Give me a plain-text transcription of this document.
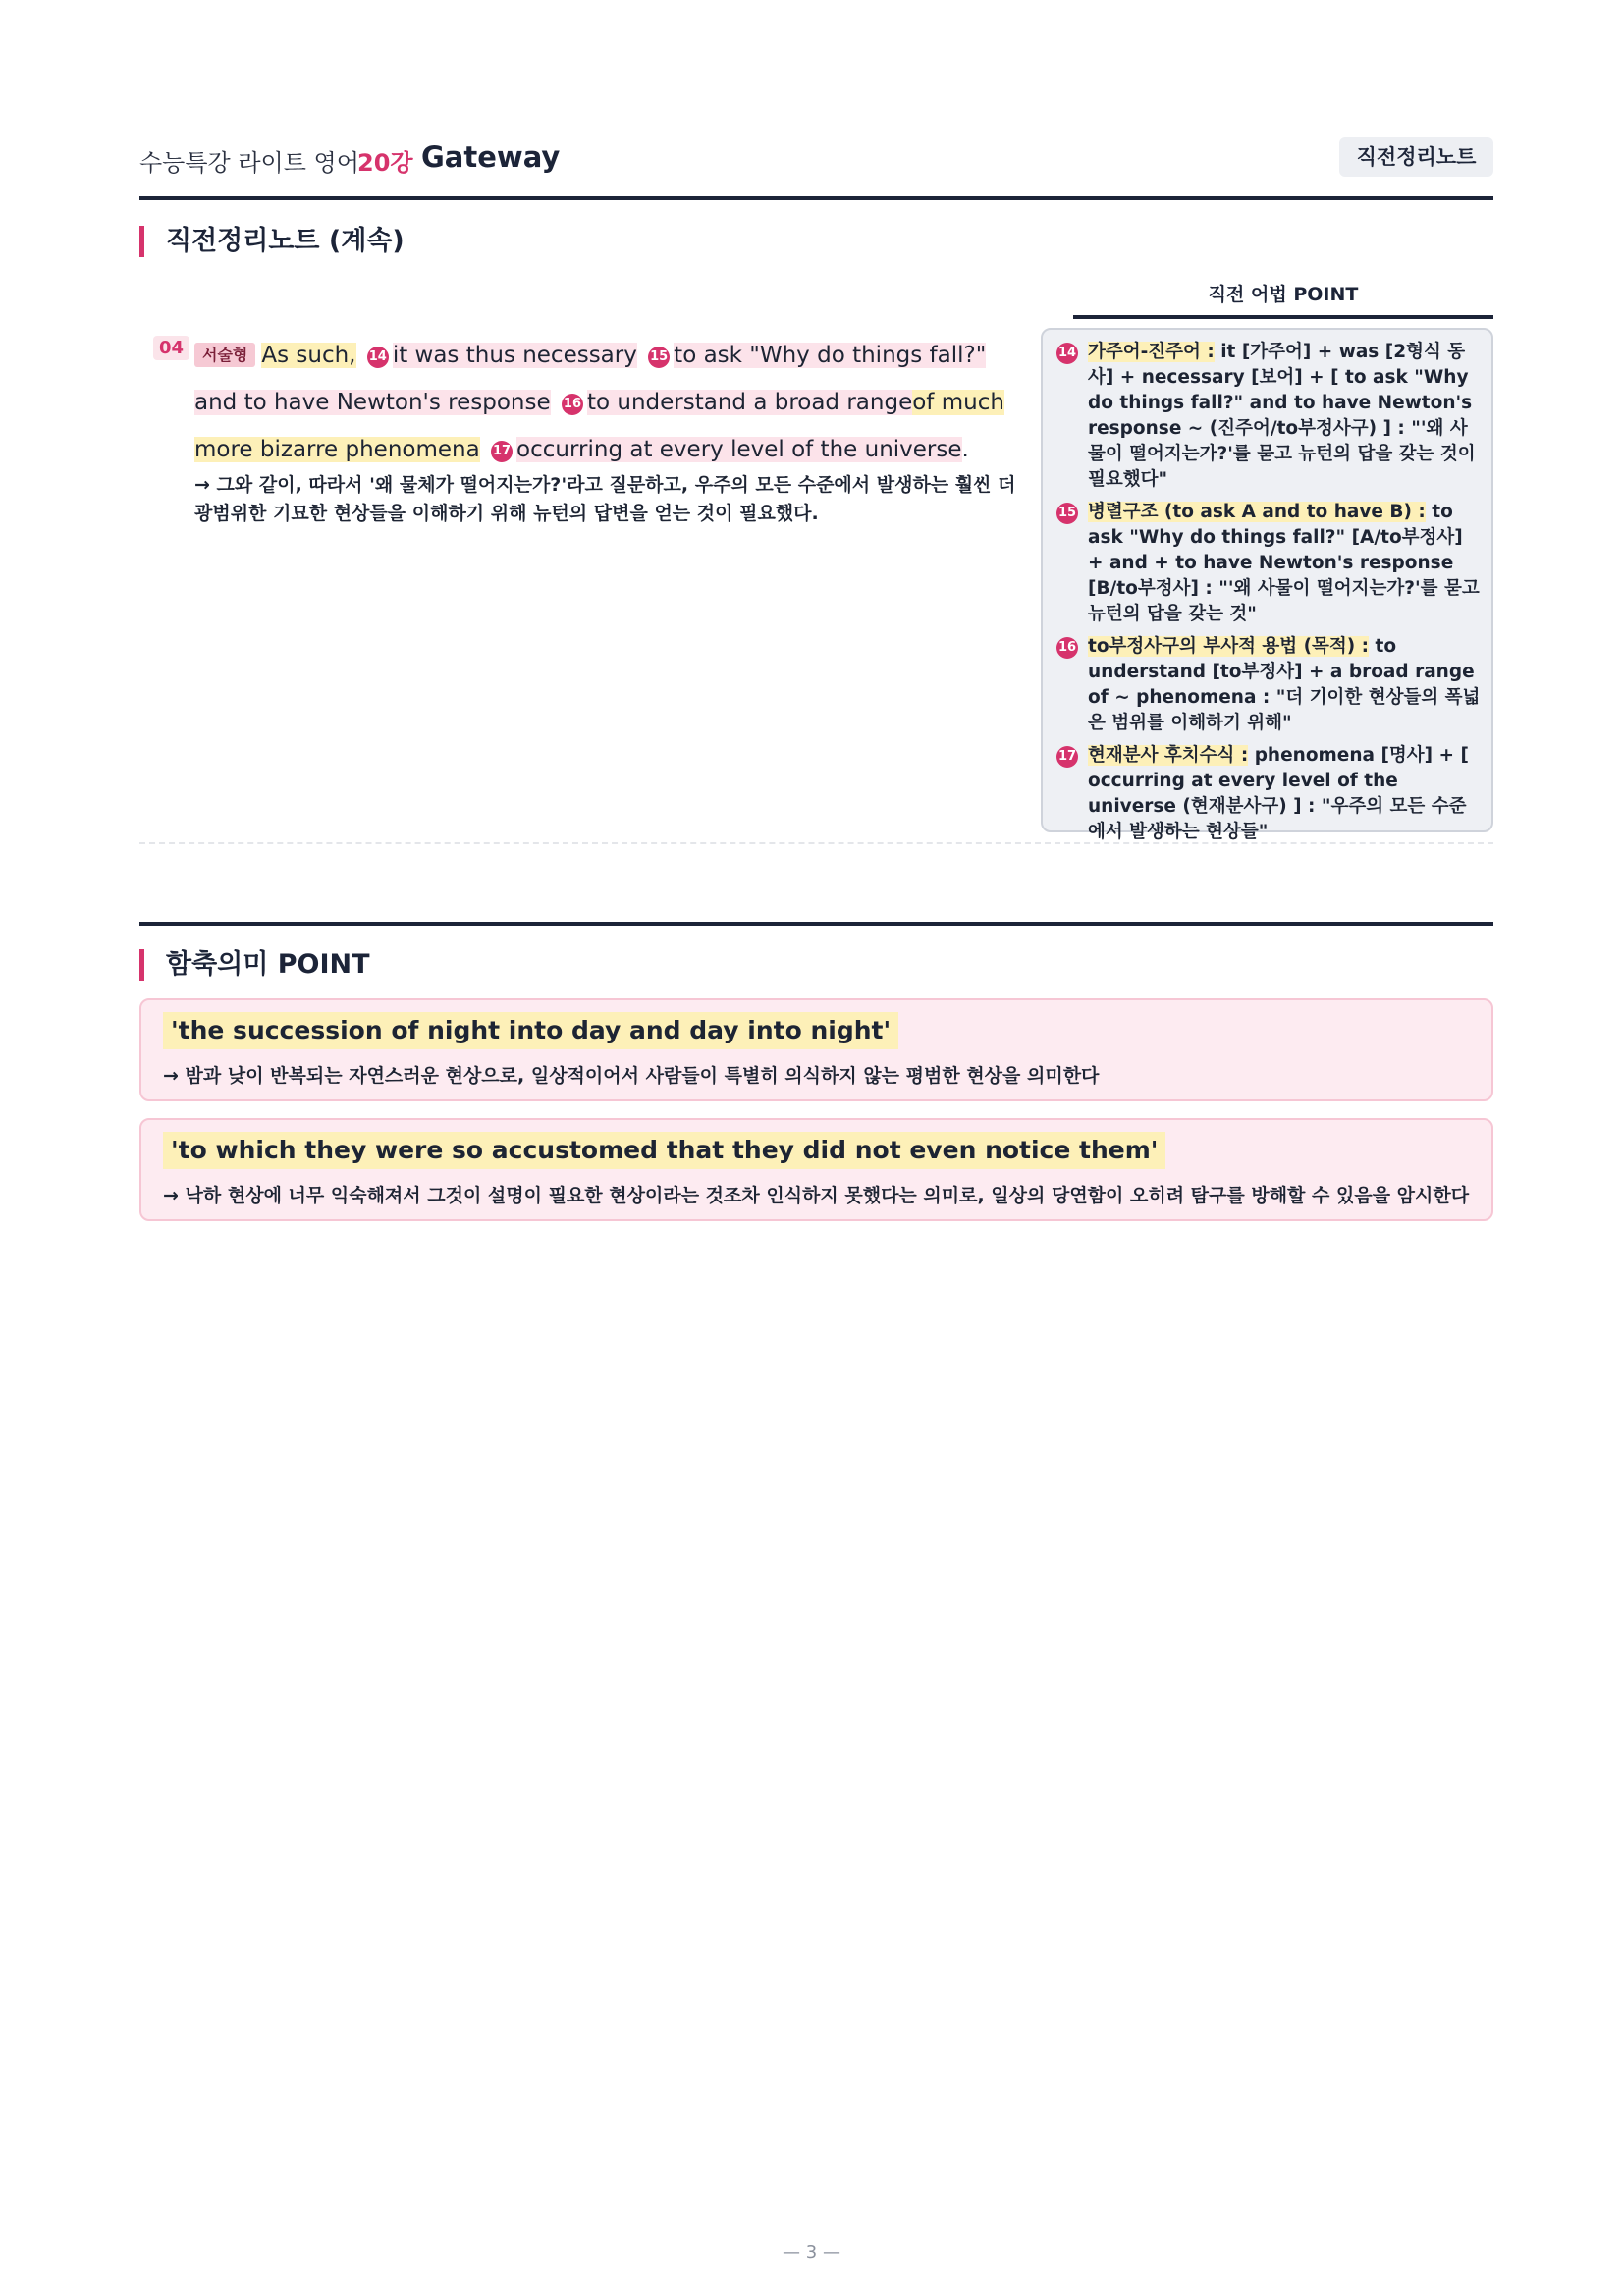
수능특강 라이트 영어
20강 Gateway	직전정리노트
직전정리노트 (계속)
직전 어법 POINT
04	서술형 As such, 14 it was thus necessary 15 to ask "Why do things fall?" and to have Newton's response 16 to understand a broad rangeof much more bizarre phenomena 17 occurring at every level of the universe.
→ 그와 같이, 따라서 '왜 물체가 떨어지는가?'라고 질문하고, 우주의 모든 수준에서 발생하는 훨씬 더 광범위한 기묘한 현상들을 이해하기 위해 뉴턴의 답변을 얻는 것이 필요했다.
14 가주어-진주어 : it [가주어] + was [2형식 동사] + necessary [보어] + [ to ask "Why do things fall?" and to have Newton's response ~ (진주어/to부정사구) ] : "'왜 사물이 떨어지는가?'를 묻고 뉴턴의 답을 갖는 것이 필요했다"
15 병렬구조 (to ask A and to have B) : to ask "Why do things fall?" [A/to부정사] + and + to have Newton's response [B/to부정사] : "'왜 사물이 떨어지는가?'를 묻고 뉴턴의 답을 갖는 것"
16 to부정사구의 부사적 용법 (목적) : to understand [to부정사] + a broad range of ~ phenomena : "더 기이한 현상들의 폭넓은 범위를 이해하기 위해"
17 현재분사 후치수식 : phenomena [명사] + [ occurring at every level of the universe (현재분사구) ] : "우주의 모든 수준에서 발생하는 현상들"
함축의미 POINT
'the succession of night into day and day into night'
→ 밤과 낮이 반복되는 자연스러운 현상으로, 일상적이어서 사람들이 특별히 의식하지 않는 평범한 현상을 의미한다
'to which they were so accustomed that they did not even notice them'
→ 낙하 현상에 너무 익숙해져서 그것이 설명이 필요한 현상이라는 것조차 인식하지 못했다는 의미로, 일상의 당연함이 오히려 탐구를 방해할 수 있음을 암시한다
— 3 —
